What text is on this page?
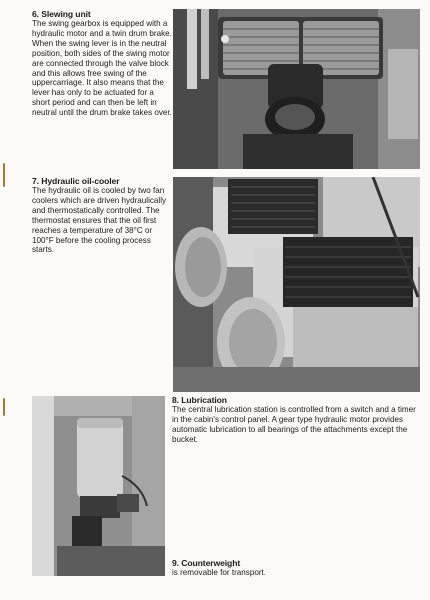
6. Slewing unit

The swing gearbox is equipped with a hydraulic motor and a twin drum brake. When the swing lever is in the neutral position, both sides of the swing motor are connected through the valve block and this allows free swing of the uppercarriage. It also means that the lever has only to be actuated for a short period and can then be left in neutral until the drum brake takes over.

7. Hydraulic oil-cooler

The hydraulic oil is cooled by two fan coolers which are driven hydraulically and thermostatically controlled. The thermostat ensures that the oil first reaches a temperature of 38°C or 100°F before the cooling process starts.

8. Lubrication

The central lubrication station is controlled from a switch and a timer in the cabin's control panel. A gear type hydraulic motor provides automatic lubrication to all bearings of the attachments except the bucket.

9. Counterweight

is removable for transport.
